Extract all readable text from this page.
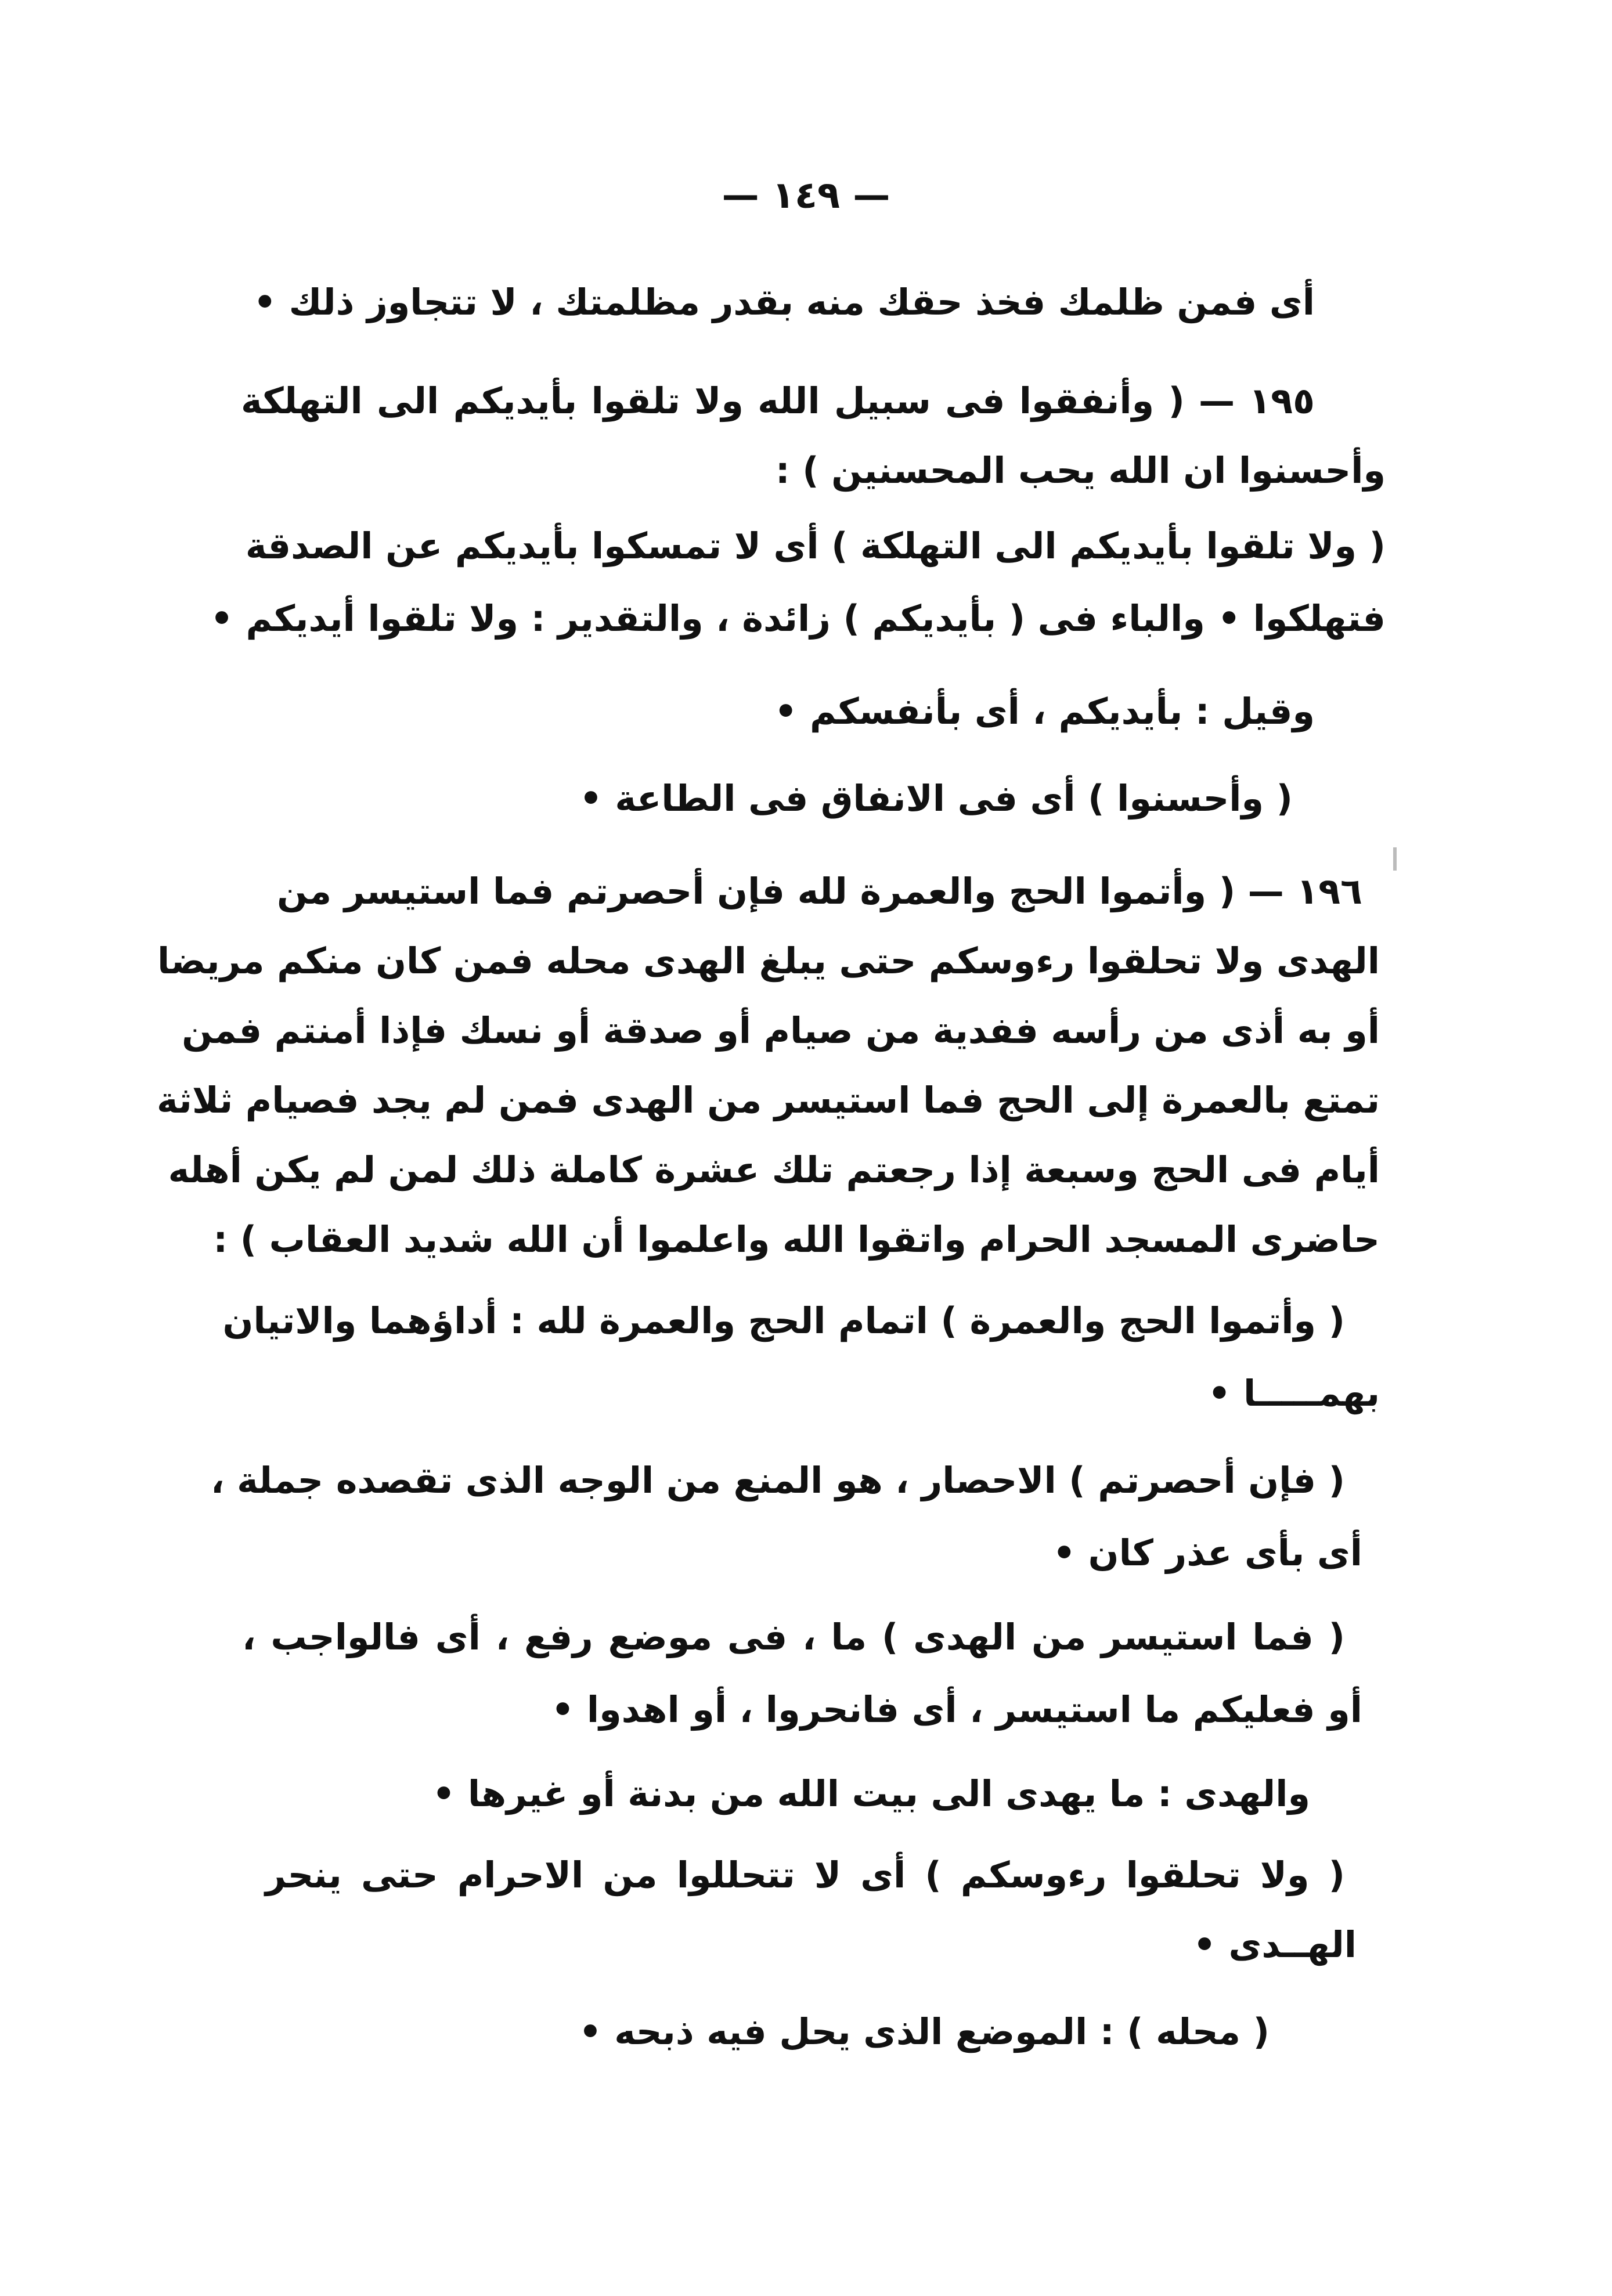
— ١٤٩ —
أى فمن ظلمك فخذ حقك منه بقدر مظلمتك ، لا تتجاوز ذلك •
١٩٥ — ( وأنفقوا فى سبيل الله ولا تلقوا بأيديكم الى التهلكة
وأحسنوا ان الله يحب المحسنين ) :
( ولا تلقوا بأيديكم الى التهلكة ) أى لا تمسكوا بأيديكم عن الصدقة
فتهلكوا • والباء فى ( بأيديكم ) زائدة ، والتقدير : ولا تلقوا أيديكم •
وقيل : بأيديكم ، أى بأنفسكم •
( وأحسنوا ) أى فى الانفاق فى الطاعة •
١٩٦ — ( وأتموا الحج والعمرة لله فإن أحصرتم فما استيسر من
الهدى ولا تحلقوا رءوسكم حتى يبلغ الهدى محله فمن كان منكم مريضا
أو به أذى من رأسه ففدية من صيام أو صدقة أو نسك فإذا أمنتم فمن
تمتع بالعمرة إلى الحج فما استيسر من الهدى فمن لم يجد فصيام ثلاثة
أيام فى الحج وسبعة إذا رجعتم تلك عشرة كاملة ذلك لمن لم يكن أهله
حاضرى المسجد الحرام واتقوا الله واعلموا أن الله شديد العقاب ) :
( وأتموا الحج والعمرة ) اتمام الحج والعمرة لله : أداؤهما والاتيان
بهمـــــا •
( فإن أحصرتم ) الاحصار ، هو المنع من الوجه الذى تقصده جملة ،
أى بأى عذر كان •
( فما استيسر من الهدى ) ما ، فى موضع رفع ، أى فالواجب ،
أو فعليكم ما استيسر ، أى فانحروا ، أو اهدوا •
والهدى : ما يهدى الى بيت الله من بدنة أو غيرها •
( ولا تحلقوا رءوسكم ) أى لا تتحللوا من الاحرام حتى ينحر
الهــدى •
( محله ) : الموضع الذى يحل فيه ذبحه •
